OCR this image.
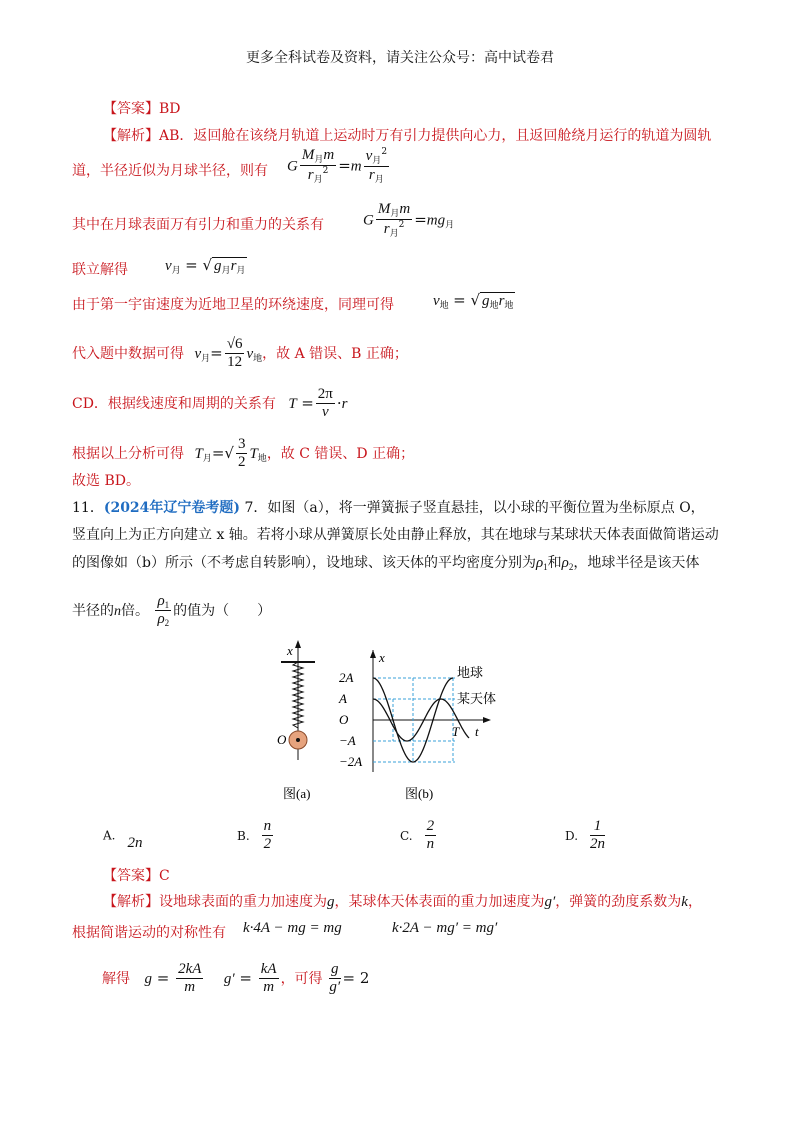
更多全科试卷及资料，请关注公众号：高中试卷君
【答案】BD
【解析】AB．返回舱在该绕月轨道上运动时万有引力提供向心力，且返回舱绕月运行的轨道为圆轨
道，半径近似为月球半径，则有 G $\frac{M_月m}{r_月^2} =m \frac{v_月^2}{r_月}$
其中在月球表面万有引力和重力的关系有	G $\frac{M_月m}{r_月^2} =mg_月$
联立解得 $v_月$ = √ $g_月r_月$
由于第一宇宙速度为近地卫星的环绕速度，同理可得	$v_地$ = √ $g_地r_地$
代入题中数据可得 $v_月= \frac{√6}{12} v_地$，故 A 错误、B 正确；
CD．根据线速度和周期的关系有 $T = \frac{2\pi}{v} \cdot r$
根据以上分析可得 $T_月=√ \frac{3}{2} T_地$，故 C 错误、D 正确；
故选 BD。
11．(2024年辽宁卷考题) 7．如图（a），将一弹簧振子竖直悬挂，以小球的平衡位置为坐标原点 O，
竖直向上为正方向建立 x 轴。若将小球从弹簧原长处由静止释放，其在地球与某球状天体表面做简谐运动
的图像如（b）所示（不考虑自转影响），设地球、该天体的平均密度分别为$\rho_1$和$\rho_2$，地球半径是该天体
半径的n倍。 $\frac{\rho_1}{\rho_2}$ 的值为（　　）
x
O
图(a)
x
t
2A
A
O
−A
−2A
T
地球
某天体
图(b)
A.
2n	B. $\frac{n}{2}$	C. $\frac{2}{n}$	D. $\frac{1}{2n}$
【答案】C
【解析】设地球表面的重力加速度为g，某球体天体表面的重力加速度为g′，弹簧的劲度系数为k，
根据简谐运动的对称性有 k·4A − mg = mg	k·2A − mg′ = mg′
解得 $g = \frac{2kA}{m} g' = \frac{kA}{m}$ ，可得 $\frac{g}{g'} = 2$
